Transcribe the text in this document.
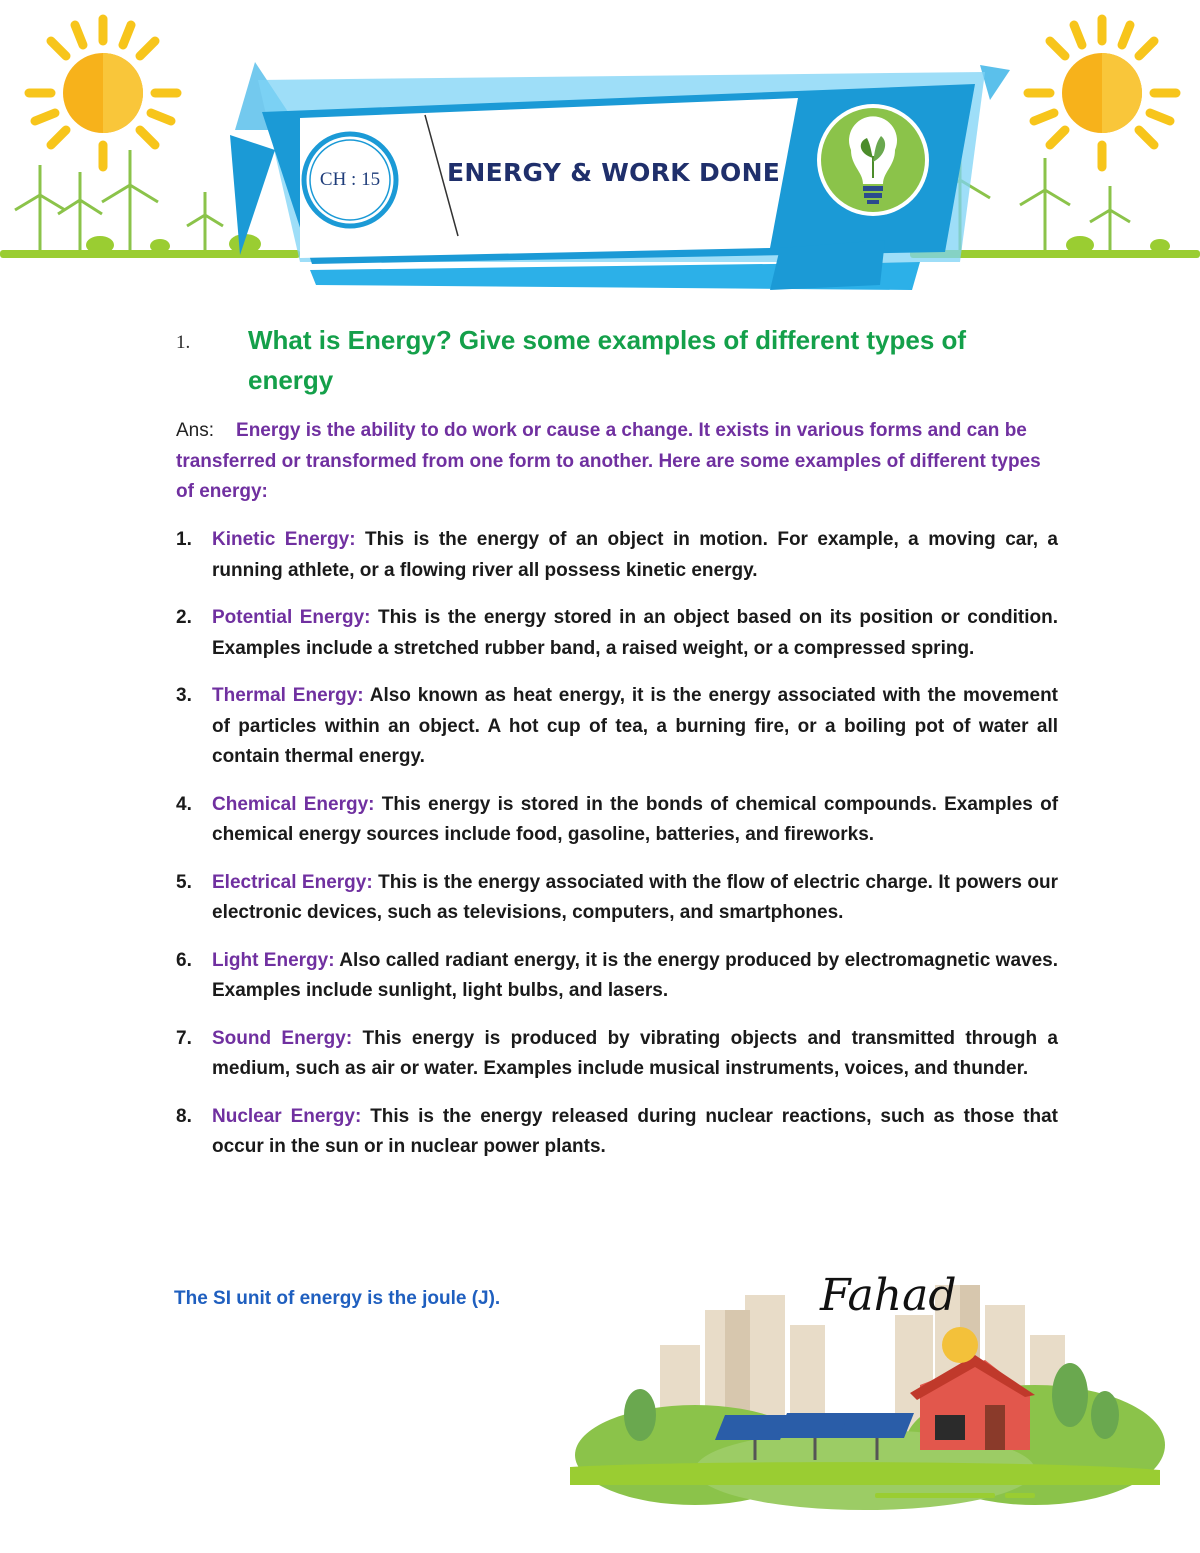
CH : 15	ENERGY & WORK DONE
1. What is Energy? Give some examples of different types of energy
Ans: Energy is the ability to do work or cause a change. It exists in various forms and can be transferred or transformed from one form to another. Here are some examples of different types of energy:
1. Kinetic Energy: This is the energy of an object in motion. For example, a moving car, a running athlete, or a flowing river all possess kinetic energy.
2. Potential Energy: This is the energy stored in an object based on its position or condition. Examples include a stretched rubber band, a raised weight, or a compressed spring.
3. Thermal Energy: Also known as heat energy, it is the energy associated with the movement of particles within an object. A hot cup of tea, a burning fire, or a boiling pot of water all contain thermal energy.
4. Chemical Energy: This energy is stored in the bonds of chemical compounds. Examples of chemical energy sources include food, gasoline, batteries, and fireworks.
5. Electrical Energy: This is the energy associated with the flow of electric charge. It powers our electronic devices, such as televisions, computers, and smartphones.
6. Light Energy: Also called radiant energy, it is the energy produced by electromagnetic waves. Examples include sunlight, light bulbs, and lasers.
7. Sound Energy: This energy is produced by vibrating objects and transmitted through a medium, such as air or water. Examples include musical instruments, voices, and thunder.
8. Nuclear Energy: This is the energy released during nuclear reactions, such as those that occur in the sun or in nuclear power plants.
The SI unit of energy is the joule (J).	Fahad
